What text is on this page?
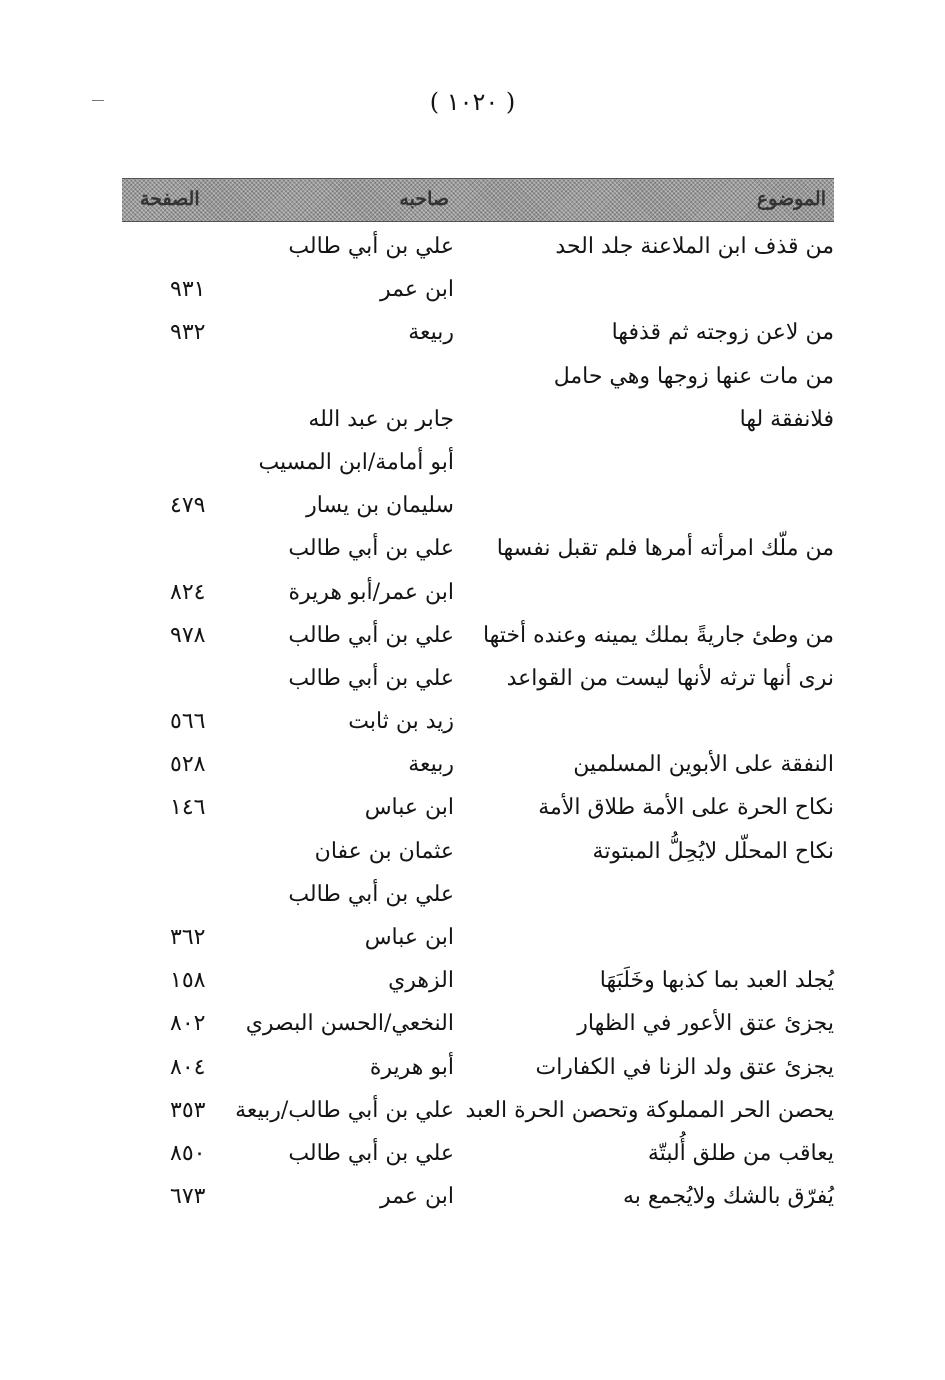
( ١٠٢٠ )
الموضوع
صاحبه
الصفحة
من قذف ابن الملاعنة جلد الحد
علي بن أبي طالب
ابن عمر
٩٣١
من لاعن زوجته ثم قذفها
ربيعة
٩٣٢
من مات عنها زوجها وهي حامل
فلانفقة لها
جابر بن عبد الله
أبو أمامة/ابن المسيب
سليمان بن يسار
٤٧٩
من ملّك امرأته أمرها فلم تقبل نفسها
علي بن أبي طالب
ابن عمر/أبو هريرة
٨٢٤
من وطئ جاريةً بملك يمينه وعنده أختها
علي بن أبي طالب
٩٧٨
نرى أنها ترثه لأنها ليست من القواعد
علي بن أبي طالب
زيد بن ثابت
٥٦٦
النفقة على الأبوين المسلمين
ربيعة
٥٢٨
نكاح الحرة على الأمة طلاق الأمة
ابن عباس
١٤٦
نكاح المحلّل لايُحِلُّ المبتوتة
عثمان بن عفان
علي بن أبي طالب
ابن عباس
٣٦٢
يُجلد العبد بما كذبها وخَلَبَهَا
الزهري
١٥٨
يجزئ عتق الأعور في الظهار
النخعي/الحسن البصري
٨٠٢
يجزئ عتق ولد الزنا في الكفارات
أبو هريرة
٨٠٤
يحصن الحر المملوكة وتحصن الحرة العبد
علي بن أبي طالب/ربيعة
٣٥٣
يعاقب من طلق أُلبتّة
علي بن أبي طالب
٨٥٠
يُفرّق بالشك ولايُجمع به
ابن عمر
٦٧٣
